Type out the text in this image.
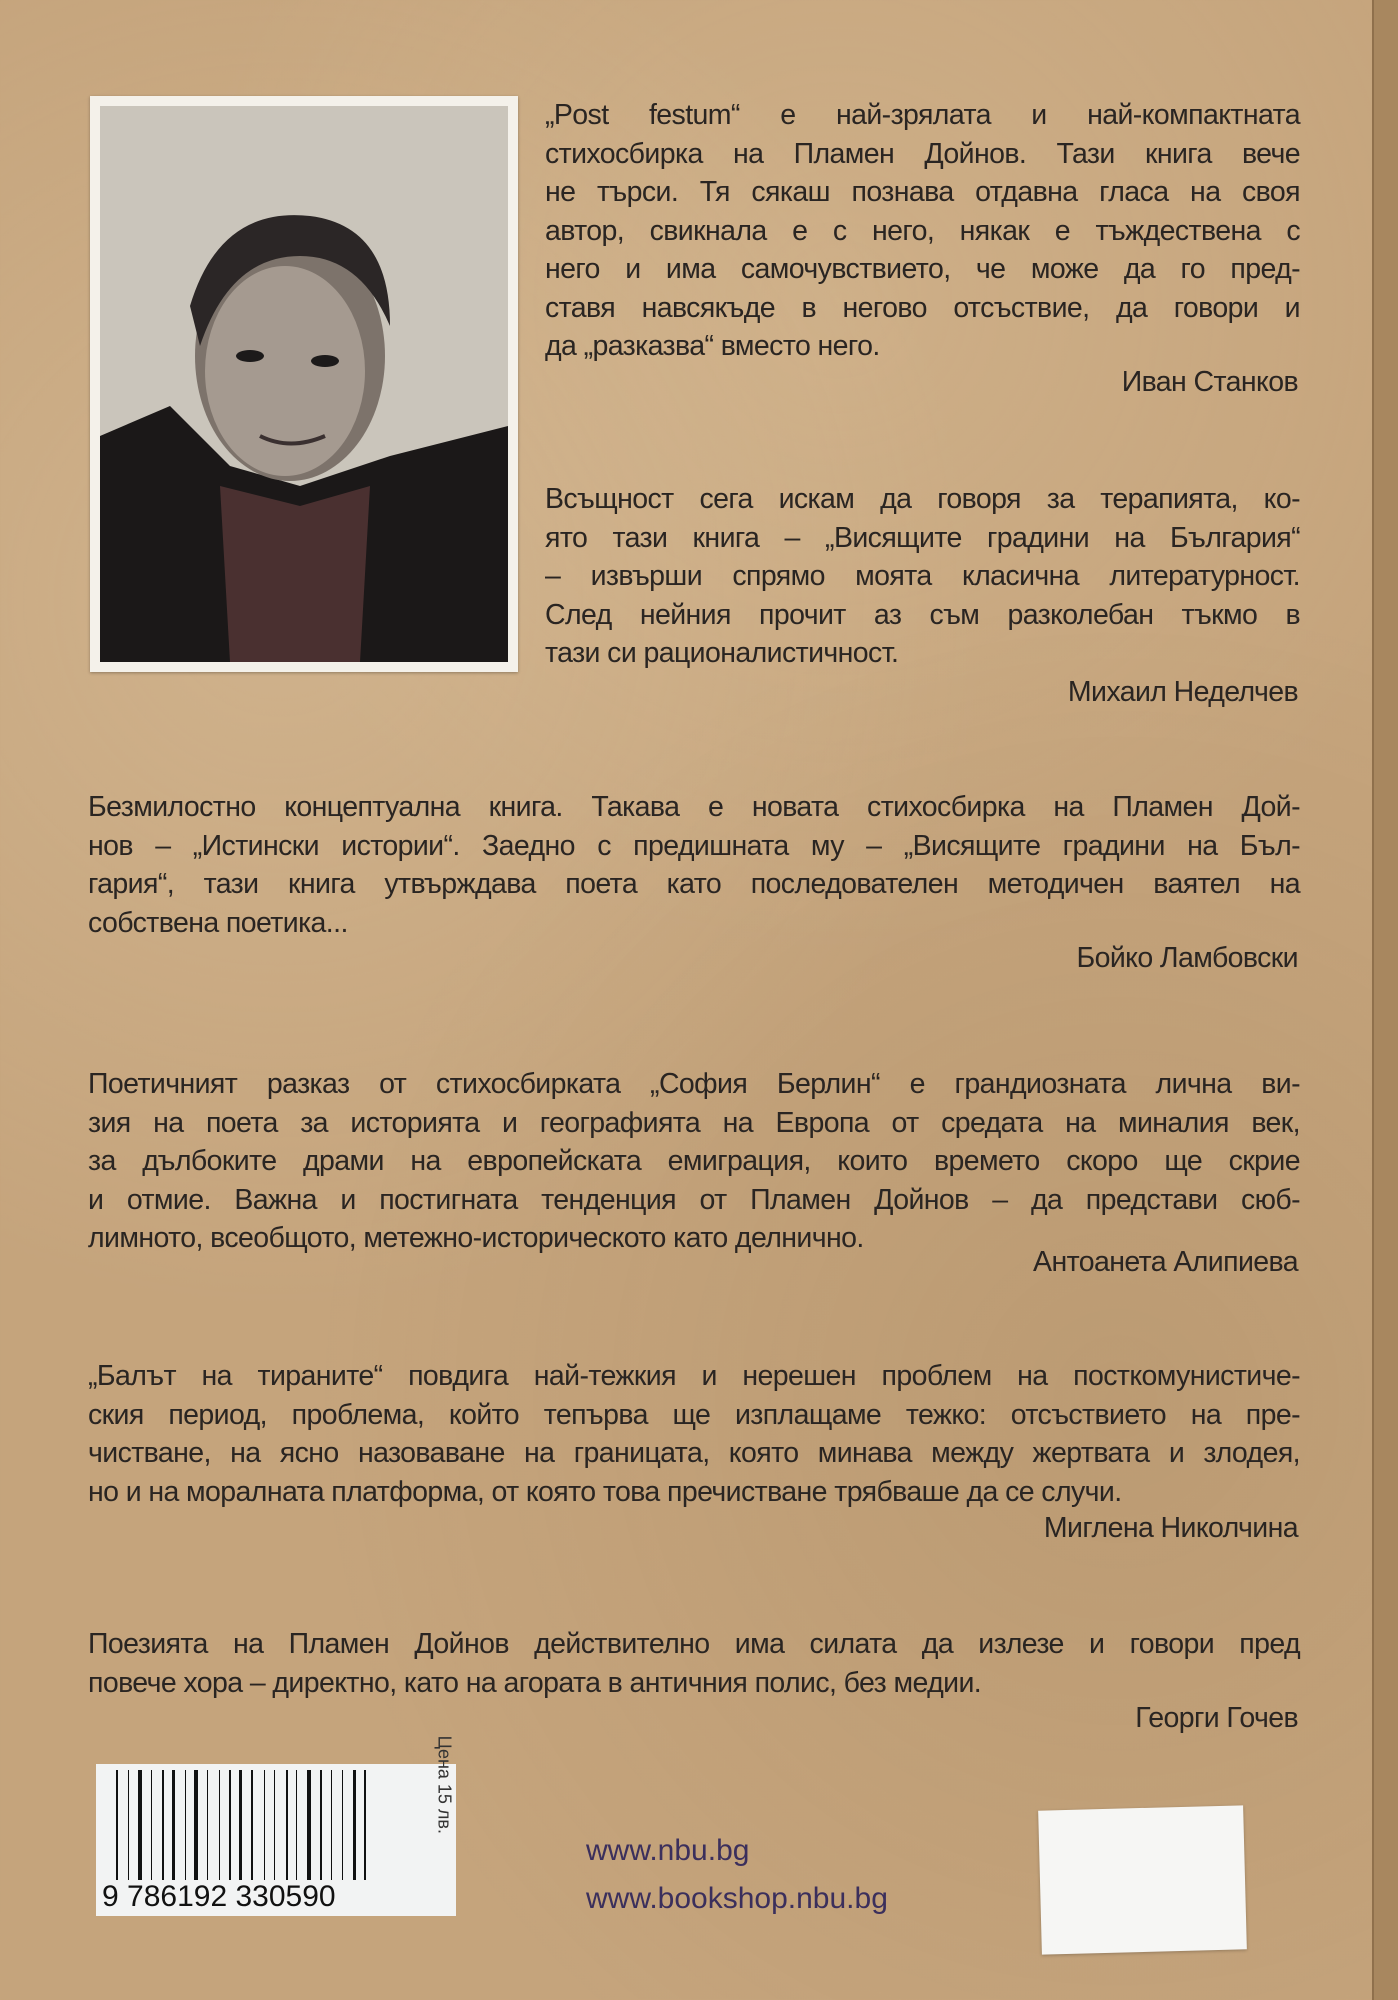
„Post festum“ е най-зрялата и най-компактната
стихосбирка на Пламен Дойнов. Тази книга вече
не търси. Тя сякаш познава отдавна гласа на своя
автор, свикнала е с него, някак е тъждествена с
него и има самочувствието, че може да го пред-
ставя навсякъде в негово отсъствие, да говори и
да „разказва“ вместо него.
Иван Станков
Всъщност сега искам да говоря за терапията, ко-
ято тази книга – „Висящите градини на България“
– извърши спрямо моята класична литературност.
След нейния прочит аз съм разколебан тъкмо в
тази си рационалистичност.
Михаил Неделчев
Безмилостно концептуална книга. Такава е новата стихосбирка на Пламен Дой-
нов – „Истински истории“. Заедно с предишната му – „Висящите градини на Бъл-
гария“, тази книга утвърждава поета като последователен методичен ваятел на
собствена поетика...
Бойко Ламбовски
Поетичният разказ от стихосбирката „София Берлин“ е грандиозната лична ви-
зия на поета за историята и географията на Европа от средата на миналия век,
за дълбоките драми на европейската емиграция, които времето скоро ще скрие
и отмие. Важна и постигната тенденция от Пламен Дойнов – да представи сюб-
лимното, всеобщото, метежно-историческото като делнично.
Антоанета Алипиева
„Балът на тираните“ повдига най-тежкия и нерешен проблем на посткомунистиче-
ския период, проблема, който тепърва ще изплащаме тежко: отсъствието на пре-
чистване, на ясно назоваване на границата, която минава между жертвата и злодея,
но и на моралната платформа, от която това пречистване трябваше да се случи.
Миглена Николчина
Поезията на Пламен Дойнов действително има силата да излезе и говори пред
повече хора – директно, като на агората в античния полис, без медии.
Георги Гочев
9 786192 330590
Цена 15 лв.
www.nbu.bg
www.bookshop.nbu.bg
